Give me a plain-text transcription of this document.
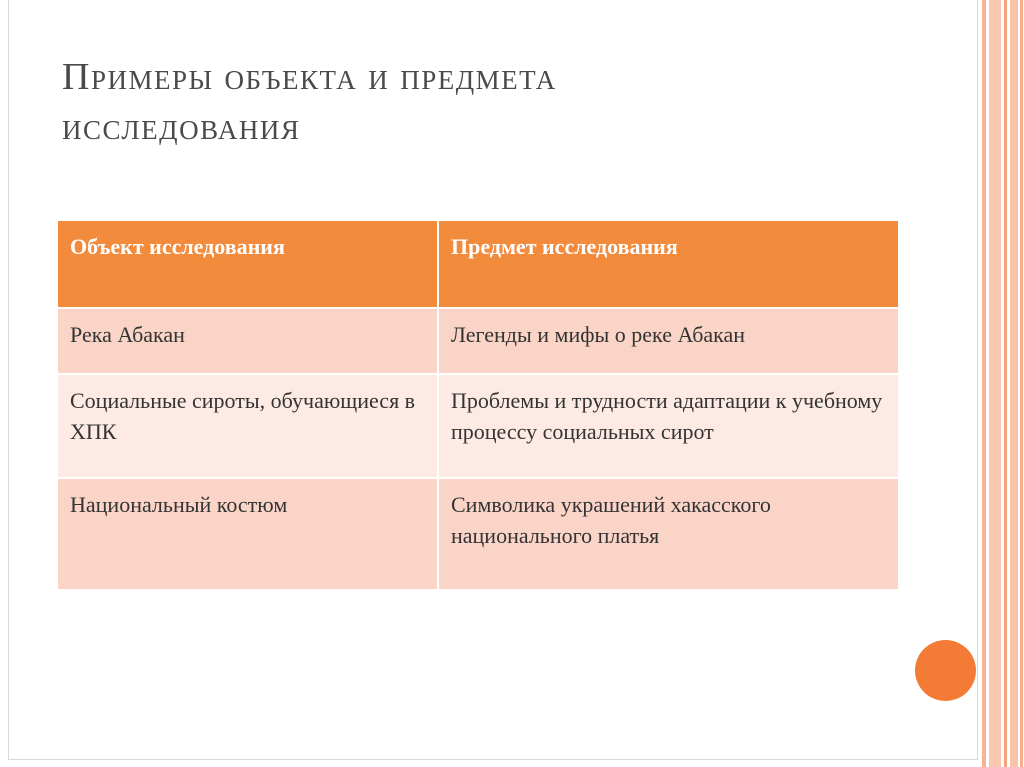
Примеры объекта и предмета
исследования
Объект исследования	Предмет исследования
Река Абакан	Легенды и мифы о реке Абакан
Социальные сироты, обучающиеся в ХПК	Проблемы и трудности адаптации к учебному процессу социальных сирот
Национальный костюм	Символика украшений хакасского национального платья
